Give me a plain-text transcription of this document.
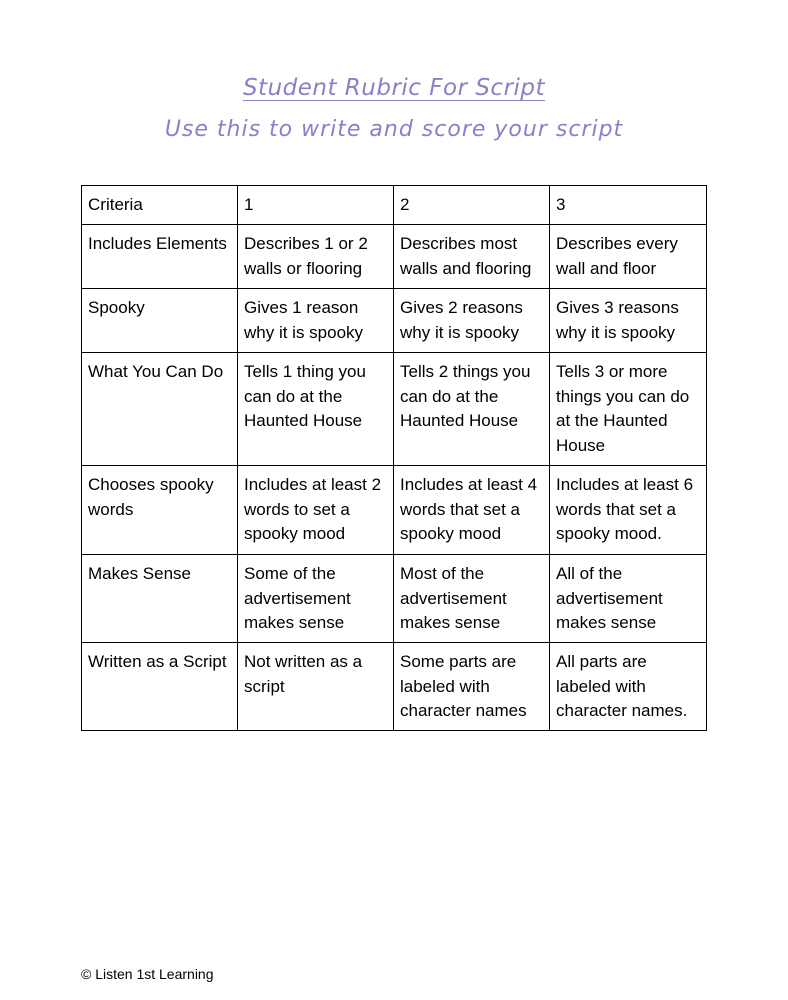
Student Rubric For Script
Use this to write and score your script
Criteria	1	2	3
Includes Elements	Describes 1 or 2 walls or flooring	Describes most walls and flooring	Describes every wall and floor
Spooky	Gives 1 reason why it is spooky	Gives 2 reasons why it is spooky	Gives 3 reasons why it is spooky
What You Can Do	Tells 1 thing you can do at the Haunted House	Tells 2 things you can do at the Haunted House	Tells 3 or more things you can do at the Haunted House
Chooses spooky words	Includes at least 2 words to set a spooky mood	Includes at least 4 words that set a spooky mood	Includes at least 6 words that set a spooky mood.
Makes Sense	Some of the advertisement makes sense	Most of the advertisement makes sense	All of the advertisement makes sense
Written as a Script	Not written as a script	Some parts are labeled with character names	All parts are labeled with character names.
© Listen 1st Learning
